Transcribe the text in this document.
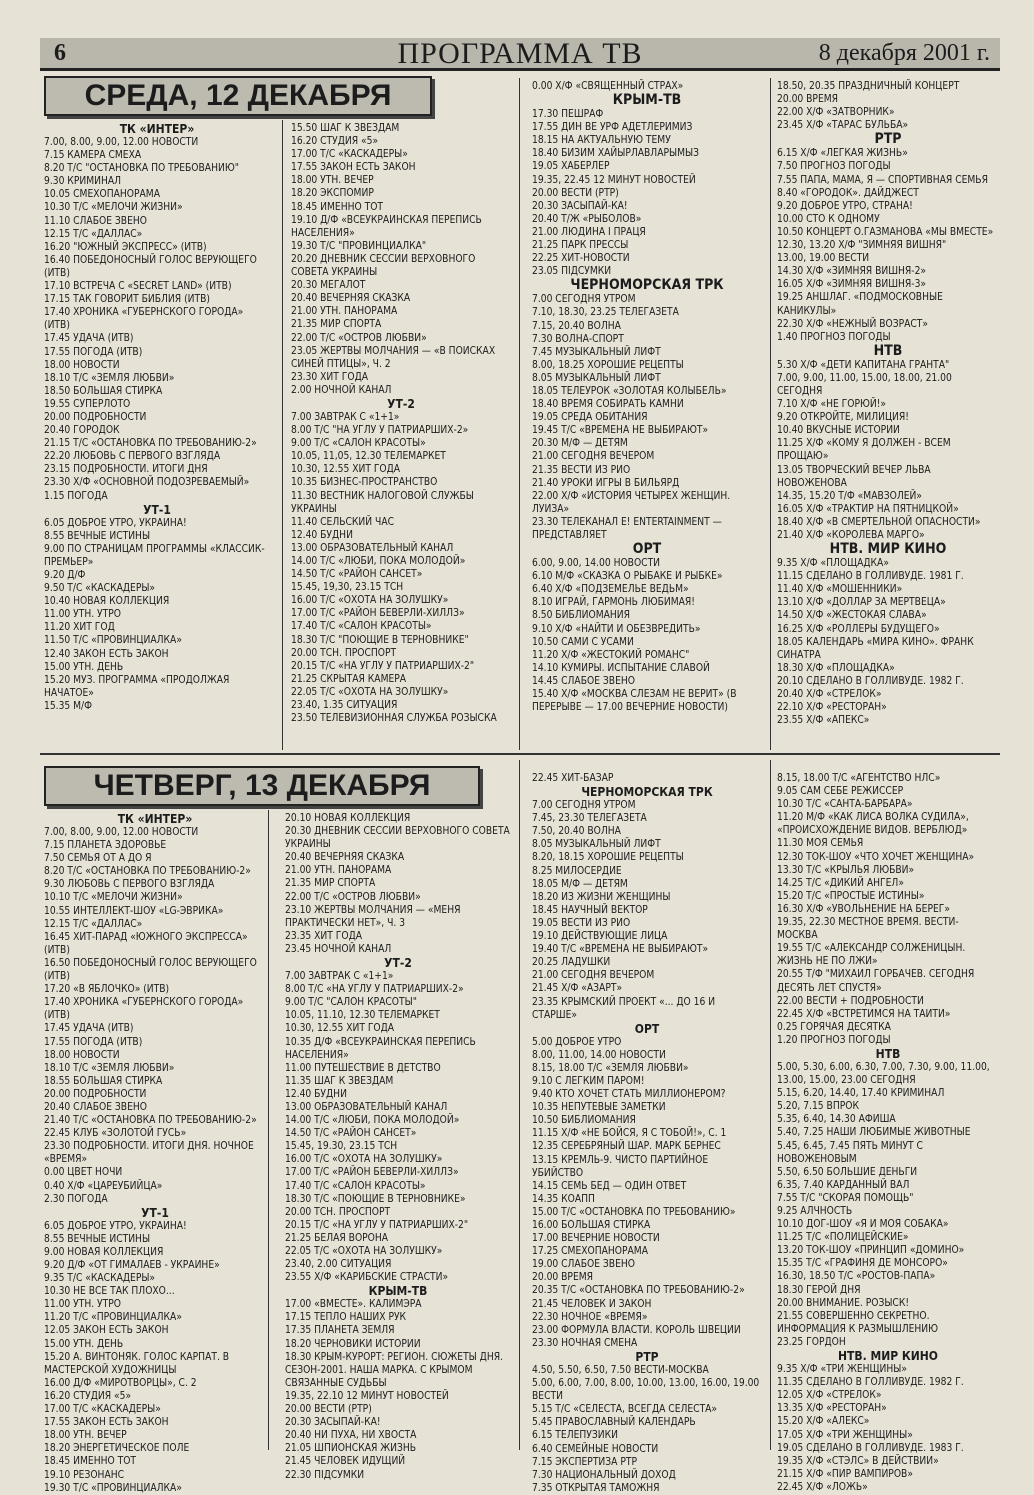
6	ПРОГРАММА ТВ	8 декабря 2001 г.
СРЕДА, 12 ДЕКАБРЯ
ЧЕТВЕРГ, 13 ДЕКАБРЯ
ТК «ИНТЕР»
7.00, 8.00, 9.00, 12.00 НОВОСТИ
7.15 КАМЕРА СМЕХА
8.20 Т/С "ОСТАНОВКА ПО ТРЕБОВАНИЮ"
9.30 КРИМИНАЛ
10.05 СМЕХОПАНОРАМА
10.30 Т/С «МЕЛОЧИ ЖИЗНИ»
11.10 СЛАБОЕ ЗВЕНО
12.15 Т/С «ДАЛЛАС»
16.20 "ЮЖНЫЙ ЭКСПРЕСС» (ИТВ)
16.40 ПОБЕДОНОСНЫЙ ГОЛОС ВЕРУЮЩЕГО (ИТВ)
17.10 ВСТРЕЧА С «SECRET LAND» (ИТВ)
17.15 ТАК ГОВОРИТ БИБЛИЯ (ИТВ)
17.40 ХРОНИКА «ГУБЕРНСКОГО ГОРОДА» (ИТВ)
17.45 УДАЧА (ИТВ)
17.55 ПОГОДА (ИТВ)
18.00 НОВОСТИ
18.10 Т/С «ЗЕМЛЯ ЛЮБВИ»
18.50 БОЛЬШАЯ СТИРКА
19.55 СУПЕРЛОТО
20.00 ПОДРОБНОСТИ
20.40 ГОРОДОК
21.15 Т/С «ОСТАНОВКА ПО ТРЕБОВАНИЮ-2»
22.20 ЛЮБОВЬ С ПЕРВОГО ВЗГЛЯДА
23.15 ПОДРОБНОСТИ. ИТОГИ ДНЯ
23.30 Х/Ф «ОСНОВНОЙ ПОДОЗРЕВАЕМЫЙ»
1.15 ПОГОДА
УТ-1
6.05 ДОБРОЕ УТРО, УКРАИНА!
8.55 ВЕЧНЫЕ ИСТИНЫ
9.00 ПО СТРАНИЦАМ ПРОГРАММЫ «КЛАССИК-ПРЕМЬЕР»
9.20 Д/Ф
9.50 Т/С «КАСКАДЕРЫ»
10.40 НОВАЯ КОЛЛЕКЦИЯ
11.00 УТН. УТРО
11.20 ХИТ ГОД
11.50 Т/С «ПРОВИНЦИАЛКА»
12.40 ЗАКОН ЕСТЬ ЗАКОН
15.00 УТН. ДЕНЬ
15.20 МУЗ. ПРОГРАММА «ПРОДОЛЖАЯ НАЧАТОЕ»
15.35 М/Ф
15.50 ШАГ К ЗВЕЗДАМ
16.20 СТУДИЯ «5»
17.00 Т/С «КАСКАДЕРЫ»
17.55 ЗАКОН ЕСТЬ ЗАКОН
18.00 УТН. ВЕЧЕР
18.20 ЭКСПОМИР
18.45 ИМЕННО ТОТ
19.10 Д/Ф «ВСЕУКРАИНСКАЯ ПЕРЕПИСЬ НАСЕЛЕНИЯ»
19.30 Т/С "ПРОВИНЦИАЛКА"
20.20 ДНЕВНИК СЕССИИ ВЕРХОВНОГО СОВЕТА УКРАИНЫ
20.30 МЕГАЛОТ
20.40 ВЕЧЕРНЯЯ СКАЗКА
21.00 УТН. ПАНОРАМА
21.35 МИР СПОРТА
22.00 Т/С «ОСТРОВ ЛЮБВИ»
23.05 ЖЕРТВЫ МОЛЧАНИЯ — «В ПОИСКАХ СИНЕЙ ПТИЦЫ», Ч. 2
23.30 ХИТ ГОДА
2.00 НОЧНОЙ КАНАЛ
УТ-2
7.00 ЗАВТРАК С «1+1»
8.00 Т/С "НА УГЛУ У ПАТРИАРШИХ-2»
9.00 Т/С «САЛОН КРАСОТЫ»
10.05, 11,05, 12.30 ТЕЛЕМАРКЕТ
10.30, 12.55 ХИТ ГОДА
10.35 БИЗНЕС-ПРОСТРАНСТВО
11.30 ВЕСТНИК НАЛОГОВОЙ СЛУЖБЫ УКРАИНЫ
11.40 СЕЛЬСКИЙ ЧАС
12.40 БУДНИ
13.00 ОБРАЗОВАТЕЛЬНЫЙ КАНАЛ
14.00 Т/С «ЛЮБИ, ПОКА МОЛОДОЙ»
14.50 Т/С «РАЙОН САНСЕТ»
15.45, 19,30, 23.15 ТСН
16.00 Т/С «ОХОТА НА ЗОЛУШКУ»
17.00 Т/С «РАЙОН БЕВЕРЛИ-ХИЛЛЗ»
17.40 Т/С «САЛОН КРАСОТЫ»
18.30 Т/С "ПОЮЩИЕ В ТЕРНОВНИКЕ"
20.00 ТСН. ПРОСПОРТ
20.15 Т/С «НА УГЛУ У ПАТРИАРШИХ-2"
21.25 СКРЫТАЯ КАМЕРА
22.05 Т/С «ОХОТА НА ЗОЛУШКУ»
23.40, 1.35 СИТУАЦИЯ
23.50 ТЕЛЕВИЗИОННАЯ СЛУЖБА РОЗЫСКА
0.00 Х/Ф «СВЯЩЕННЫЙ СТРАХ»
КРЫМ-ТВ
17.30 ПЕШРАФ
17.55 ДИН ВЕ УРФ АДЕТЛЕРИМИЗ
18.15 НА АКТУАЛЬНУЮ ТЕМУ
18.40 БИЗИМ ХАЙЫРЛАВЛАРЫМЫЗ
19.05 ХАБЕРЛЕР
19.35, 22.45 12 МИНУТ НОВОСТЕЙ
20.00 ВЕСТИ (РТР)
20.30 ЗАСЫПАЙ-КА!
20.40 Т/Ж «РЫБОЛОВ»
21.00 ЛЮДИНА І ПРАЦЯ
21.25 ПАРК ПРЕССЫ
22.25 ХИТ-НОВОСТИ
23.05 ПІДСУМКИ
ЧЕРНОМОРСКАЯ ТРК
7.00 СЕГОДНЯ УТРОМ
7.10, 18.30, 23.25 ТЕЛЕГАЗЕТА
7.15, 20.40 ВОЛНА
7.30 ВОЛНА-СПОРТ
7.45 МУЗЫКАЛЬНЫЙ ЛИФТ
8.00, 18.25 ХОРОШИЕ РЕЦЕПТЫ
8.05 МУЗЫКАЛЬНЫЙ ЛИФТ
18.05 ТЕЛЕУРОК «ЗОЛОТАЯ КОЛЫБЕЛЬ»
18.40 ВРЕМЯ СОБИРАТЬ КАМНИ
19.05 СРЕДА ОБИТАНИЯ
19.45 Т/С «ВРЕМЕНА НЕ ВЫБИРАЮТ»
20.30 М/Ф — ДЕТЯМ
21.00 СЕГОДНЯ ВЕЧЕРОМ
21.35 ВЕСТИ ИЗ РИО
21.40 УРОКИ ИГРЫ В БИЛЬЯРД
22.00 Х/Ф «ИСТОРИЯ ЧЕТЫРЕХ ЖЕНЩИН. ЛУИЗА»
23.30 ТЕЛЕКАНАЛ E! ENTERTAINMENT — ПРЕДСТАВЛЯЕТ
ОРТ
6.00, 9.00, 14.00 НОВОСТИ
6.10 М/Ф «СКАЗКА О РЫБАКЕ И РЫБКЕ»
6.40 Х/Ф «ПОДЗЕМЕЛЬЕ ВЕДЬМ»
8.10 ИГРАЙ, ГАРМОНЬ ЛЮБИМАЯ!
8.50 БИБЛИОМАНИЯ
9.10 Х/Ф «НАЙТИ И ОБЕЗВРЕДИТЬ»
10.50 САМИ С УСАМИ
11.20 Х/Ф «ЖЕСТОКИЙ РОМАНС"
14.10 КУМИРЫ. ИСПЫТАНИЕ СЛАВОЙ
14.45 СЛАБОЕ ЗВЕНО
15.40 Х/Ф «МОСКВА СЛЕЗАМ НЕ ВЕРИТ» (В ПЕРЕРЫВЕ — 17.00 ВЕЧЕРНИЕ НОВОСТИ)
18.50, 20.35 ПРАЗДНИЧНЫЙ КОНЦЕРТ
20.00 ВРЕМЯ
22.00 Х/Ф «ЗАТВОРНИК»
23.45 Х/Ф «ТАРАС БУЛЬБА»
РТР
6.15 Х/Ф «ЛЕГКАЯ ЖИЗНЬ»
7.50 ПРОГНОЗ ПОГОДЫ
7.55 ПАПА, МАМА, Я — СПОРТИВНАЯ СЕМЬЯ
8.40 «ГОРОДОК». ДАЙДЖЕСТ
9.20 ДОБРОЕ УТРО, СТРАНА!
10.00 СТО К ОДНОМУ
10.50 КОНЦЕРТ О.ГАЗМАНОВА «МЫ ВМЕСТЕ»
12.30, 13.20 Х/Ф "ЗИМНЯЯ ВИШНЯ"
13.00, 19.00 ВЕСТИ
14.30 Х/Ф «ЗИМНЯЯ ВИШНЯ-2»
16.05 Х/Ф «ЗИМНЯЯ ВИШНЯ-3»
19.25 АНШЛАГ. «ПОДМОСКОВНЫЕ КАНИКУЛЫ»
22.30 Х/Ф «НЕЖНЫЙ ВОЗРАСТ»
1.40 ПРОГНОЗ ПОГОДЫ
НТВ
5.30 Х/Ф «ДЕТИ КАПИТАНА ГРАНТА"
7.00, 9.00, 11.00, 15.00, 18.00, 21.00 СЕГОДНЯ
7.10 Х/Ф «НЕ ГОРЮЙ!»
9.20 ОТКРОЙТЕ, МИЛИЦИЯ!
10.40 ВКУСНЫЕ ИСТОРИИ
11.25 Х/Ф «КОМУ Я ДОЛЖЕН - ВСЕМ ПРОЩАЮ»
13.05 ТВОРЧЕСКИЙ ВЕЧЕР ЛЬВА НОВОЖЕНОВА
14.35, 15.20 Т/Ф «МАВЗОЛЕЙ»
16.05 Х/Ф «ТРАКТИР НА ПЯТНИЦКОЙ»
18.40 Х/Ф «В СМЕРТЕЛЬНОЙ ОПАСНОСТИ»
21.40 Х/Ф «КОРОЛЕВА МАРГО»
НТВ. МИР КИНО
9.35 Х/Ф «ПЛОЩАДКА»
11.15 СДЕЛАНО В ГОЛЛИВУДЕ. 1981 Г.
11.40 Х/Ф «МОШЕННИКИ»
13.10 Х/Ф «ДОЛЛАР ЗА МЕРТВЕЦА»
14.50 Х/Ф «ЖЕСТОКАЯ СЛАВА»
16.25 Х/Ф «РОЛЛЕРЫ БУДУЩЕГО»
18.05 КАЛЕНДАРЬ «МИРА КИНО». ФРАНК СИНАТРА
18.30 Х/Ф «ПЛОЩАДКА»
20.10 СДЕЛАНО В ГОЛЛИВУДЕ. 1982 Г.
20.40 Х/Ф «СТРЕЛОК»
22.10 Х/Ф «РЕСТОРАН»
23.55 Х/Ф «АПЕКС»
ТК «ИНТЕР»
7.00, 8.00, 9.00, 12.00 НОВОСТИ
7.15 ПЛАНЕТА ЗДОРОВЬЕ
7.50 СЕМЬЯ ОТ А ДО Я
8.20 Т/С «ОСТАНОВКА ПО ТРЕБОВАНИЮ-2»
9.30 ЛЮБОВЬ С ПЕРВОГО ВЗГЛЯДА
10.10 Т/С «МЕЛОЧИ ЖИЗНИ»
10.55 ИНТЕЛЛЕКТ-ШОУ «LG-ЭВРИКА»
12.15 Т/С «ДАЛЛАС»
16.45 ХИТ-ПАРАД «ЮЖНОГО ЭКСПРЕССА» (ИТВ)
16.50 ПОБЕДОНОСНЫЙ ГОЛОС ВЕРУЮЩЕГО (ИТВ)
17.20 «В ЯБЛОЧКО» (ИТВ)
17.40 ХРОНИКА «ГУБЕРНСКОГО ГОРОДА» (ИТВ)
17.45 УДАЧА (ИТВ)
17.55 ПОГОДА (ИТВ)
18.00 НОВОСТИ
18.10 Т/С «ЗЕМЛЯ ЛЮБВИ»
18.55 БОЛЬШАЯ СТИРКА
20.00 ПОДРОБНОСТИ
20.40 СЛАБОЕ ЗВЕНО
21.40 Т/С «ОСТАНОВКА ПО ТРЕБОВАНИЮ-2»
22.45 КЛУБ «ЗОЛОТОЙ ГУСЬ»
23.30 ПОДРОБНОСТИ. ИТОГИ ДНЯ. НОЧНОЕ «ВРЕМЯ»
0.00 ЦВЕТ НОЧИ
0.40 Х/Ф «ЦАРЕУБИЙЦА»
2.30 ПОГОДА
УТ-1
6.05 ДОБРОЕ УТРО, УКРАИНА!
8.55 ВЕЧНЫЕ ИСТИНЫ
9.00 НОВАЯ КОЛЛЕКЦИЯ
9.20 Д/Ф «ОТ ГИМАЛАЕВ - УКРАИНЕ»
9.35 Т/С «КАСКАДЕРЫ»
10.30 НЕ ВСЕ ТАК ПЛОХО...
11.00 УТН. УТРО
11.20 Т/С «ПРОВИНЦИАЛКА»
12.05 ЗАКОН ЕСТЬ ЗАКОН
15.00 УТН. ДЕНЬ
15.20 А. ВИНТОНЯК. ГОЛОС КАРПАТ. В МАСТЕРСКОЙ ХУДОЖНИЦЫ
16.00 Д/Ф «МИРОТВОРЦЫ», С. 2
16.20 СТУДИЯ «5»
17.00 Т/С «КАСКАДЕРЫ»
17.55 ЗАКОН ЕСТЬ ЗАКОН
18.00 УТН. ВЕЧЕР
18.20 ЭНЕРГЕТИЧЕСКОЕ ПОЛЕ
18.45 ИМЕННО ТОТ
19.10 РЕЗОНАНС
19.30 Т/С «ПРОВИНЦИАЛКА»
20.10 НОВАЯ КОЛЛЕКЦИЯ
20.30 ДНЕВНИК СЕССИИ ВЕРХОВНОГО СОВЕТА УКРАИНЫ
20.40 ВЕЧЕРНЯЯ СКАЗКА
21.00 УТН. ПАНОРАМА
21.35 МИР СПОРТА
22.00 Т/С «ОСТРОВ ЛЮБВИ»
23.10 ЖЕРТВЫ МОЛЧАНИЯ — «МЕНЯ ПРАКТИЧЕСКИ НЕТ», Ч. 3
23.35 ХИТ ГОДА
23.45 НОЧНОЙ КАНАЛ
УТ-2
7.00 ЗАВТРАК С «1+1»
8.00 Т/С «НА УГЛУ У ПАТРИАРШИХ-2»
9.00 Т/С "САЛОН КРАСОТЫ"
10.05, 11.10, 12.30 ТЕЛЕМАРКЕТ
10.30, 12.55 ХИТ ГОДА
10.35 Д/Ф «ВСЕУКРАИНСКАЯ ПЕРЕПИСЬ НАСЕЛЕНИЯ»
11.00 ПУТЕШЕСТВИЕ В ДЕТСТВО
11.35 ШАГ К ЗВЕЗДАМ
12.40 БУДНИ
13.00 ОБРАЗОВАТЕЛЬНЫЙ КАНАЛ
14.00 Т/С «ЛЮБИ, ПОКА МОЛОДОЙ»
14.50 Т/С «РАЙОН САНСЕТ»
15.45, 19.30, 23.15 ТСН
16.00 Т/С «ОХОТА НА ЗОЛУШКУ»
17.00 Т/С «РАЙОН БЕВЕРЛИ-ХИЛЛЗ»
17.40 Т/С «САЛОН КРАСОТЫ»
18.30 Т/С «ПОЮЩИЕ В ТЕРНОВНИКЕ»
20.00 ТСН. ПРОСПОРТ
20.15 Т/С «НА УГЛУ У ПАТРИАРШИХ-2"
21.25 БЕЛАЯ ВОРОНА
22.05 Т/С «ОХОТА НА ЗОЛУШКУ»
23.40, 2.00 СИТУАЦИЯ
23.55 Х/Ф «КАРИБСКИЕ СТРАСТИ»
КРЫМ-ТВ
17.00 «ВМЕСТЕ». КАЛИМЭРА
17.15 ТЕПЛО НАШИХ РУК
17.35 ПЛАНЕТА ЗЕМЛЯ
18.20 ЧЕРНОВИКИ ИСТОРИИ
18.30 КРЫМ-КУРОРТ: РЕГИОН. СЮЖЕТЫ ДНЯ. СЕЗОН-2001. НАША МАРКА. С КРЫМОМ СВЯЗАННЫЕ СУДЬБЫ
19.35, 22.10 12 МИНУТ НОВОСТЕЙ
20.00 ВЕСТИ (РТР)
20.30 ЗАСЫПАЙ-КА!
20.40 НИ ПУХА, НИ ХВОСТА
21.05 ШПИОНСКАЯ ЖИЗНЬ
21.45 ЧЕЛОВЕК ИДУЩИЙ
22.30 ПІДСУМКИ
22.45 ХИТ-БАЗАР
ЧЕРНОМОРСКАЯ ТРК
7.00 СЕГОДНЯ УТРОМ
7.45, 23.30 ТЕЛЕГАЗЕТА
7.50, 20.40 ВОЛНА
8.05 МУЗЫКАЛЬНЫЙ ЛИФТ
8.20, 18.15 ХОРОШИЕ РЕЦЕПТЫ
8.25 МИЛОСЕРДИЕ
18.05 М/Ф — ДЕТЯМ
18.20 ИЗ ЖИЗНИ ЖЕНЩИНЫ
18.45 НАУЧНЫЙ ВЕКТОР
19.05 ВЕСТИ ИЗ РИО
19.10 ДЕЙСТВУЮЩИЕ ЛИЦА
19.40 Т/С «ВРЕМЕНА НЕ ВЫБИРАЮТ»
20.25 ЛАДУШКИ
21.00 СЕГОДНЯ ВЕЧЕРОМ
21.45 Х/Ф «АЗАРТ»
23.35 КРЫМСКИЙ ПРОЕКТ «... ДО 16 И СТАРШЕ»
ОРТ
5.00 ДОБРОЕ УТРО
8.00, 11.00, 14.00 НОВОСТИ
8.15, 18.00 Т/С «ЗЕМЛЯ ЛЮБВИ»
9.10 С ЛЕГКИМ ПАРОМ!
9.40 КТО ХОЧЕТ СТАТЬ МИЛЛИОНЕРОМ?
10.35 НЕПУТЕВЫЕ ЗАМЕТКИ
10.50 БИБЛИОМАНИЯ
11.15 Х/Ф «НЕ БОЙСЯ, Я С ТОБОЙ!», С. 1
12.35 СЕРЕБРЯНЫЙ ШАР. МАРК БЕРНЕС
13.15 КРЕМЛЬ-9. ЧИСТО ПАРТИЙНОЕ УБИЙСТВО
14.15 СЕМЬ БЕД — ОДИН ОТВЕТ
14.35 КОАПП
15.00 Т/С «ОСТАНОВКА ПО ТРЕБОВАНИЮ»
16.00 БОЛЬШАЯ СТИРКА
17.00 ВЕЧЕРНИЕ НОВОСТИ
17.25 СМЕХОПАНОРАМА
19.00 СЛАБОЕ ЗВЕНО
20.00 ВРЕМЯ
20.35 Т/С «ОСТАНОВКА ПО ТРЕБОВАНИЮ-2»
21.45 ЧЕЛОВЕК И ЗАКОН
22.30 НОЧНОЕ «ВРЕМЯ»
23.00 ФОРМУЛА ВЛАСТИ. КОРОЛЬ ШВЕЦИИ
23.30 НОЧНАЯ СМЕНА
РТР
4.50, 5.50, 6.50, 7.50 ВЕСТИ-МОСКВА
5.00, 6.00, 7.00, 8.00, 10.00, 13.00, 16.00, 19.00 ВЕСТИ
5.15 Т/С «СЕЛЕСТА, ВСЕГДА СЕЛЕСТА»
5.45 ПРАВОСЛАВНЫЙ КАЛЕНДАРЬ
6.15 ТЕЛЕПУЗИКИ
6.40 СЕМЕЙНЫЕ НОВОСТИ
7.15 ЭКСПЕРТИЗА РТР
7.30 НАЦИОНАЛЬНЫЙ ДОХОД
7.35 ОТКРЫТАЯ ТАМОЖНЯ
8.15, 18.00 Т/С «АГЕНТСТВО НЛС»
9.05 САМ СЕБЕ РЕЖИССЕР
10.30 Т/С «САНТА-БАРБАРА»
11.20 М/Ф «КАК ЛИСА ВОЛКА СУДИЛА», «ПРОИСХОЖДЕНИЕ ВИДОВ. ВЕРБЛЮД»
11.30 МОЯ СЕМЬЯ
12.30 ТОК-ШОУ «ЧТО ХОЧЕТ ЖЕНЩИНА»
13.30 Т/С «КРЫЛЬЯ ЛЮБВИ»
14.25 Т/С «ДИКИЙ АНГЕЛ»
15.20 Т/С «ПРОСТЫЕ ИСТИНЫ»
16.30 Х/Ф «УВОЛЬНЕНИЕ НА БЕРЕГ»
19.35, 22.30 МЕСТНОЕ ВРЕМЯ. ВЕСТИ-МОСКВА
19.55 Т/С «АЛЕКСАНДР СОЛЖЕНИЦЫН. ЖИЗНЬ НЕ ПО ЛЖИ»
20.55 Т/Ф "МИХАИЛ ГОРБАЧЕВ. СЕГОДНЯ ДЕСЯТЬ ЛЕТ СПУСТЯ»
22.00 ВЕСТИ + ПОДРОБНОСТИ
22.45 Х/Ф «ВСТРЕТИМСЯ НА ТАИТИ»
0.25 ГОРЯЧАЯ ДЕСЯТКА
1.20 ПРОГНОЗ ПОГОДЫ
НТВ
5.00, 5.30, 6.00, 6.30, 7.00, 7.30, 9.00, 11.00, 13.00, 15.00, 23.00 СЕГОДНЯ
5.15, 6.20, 14.40, 17.40 КРИМИНАЛ
5.20, 7.15 ВПРОК
5.35, 6.40, 14.30 АФИША
5.40, 7.25 НАШИ ЛЮБИМЫЕ ЖИВОТНЫЕ
5.45, 6.45, 7.45 ПЯТЬ МИНУТ С НОВОЖЕНОВЫМ
5.50, 6.50 БОЛЬШИЕ ДЕНЬГИ
6.35, 7.40 КАРДАННЫЙ ВАЛ
7.55 Т/С "СКОРАЯ ПОМОЩЬ"
9.25 АЛЧНОСТЬ
10.10 ДОГ-ШОУ «Я И МОЯ СОБАКА»
11.25 Т/С «ПОЛИЦЕЙСКИЕ»
13.20 ТОК-ШОУ «ПРИНЦИП «ДОМИНО»
15.35 Т/С «ГРАФИНЯ ДЕ МОНСОРО»
16.30, 18.50 Т/С «РОСТОВ-ПАПА»
18.30 ГЕРОЙ ДНЯ
20.00 ВНИМАНИЕ. РОЗЫСК!
21.55 СОВЕРШЕННО СЕКРЕТНО. ИНФОРМАЦИЯ К РАЗМЫШЛЕНИЮ
23.25 ГОРДОН
НТВ. МИР КИНО
9.35 Х/Ф «ТРИ ЖЕНЩИНЫ»
11.35 СДЕЛАНО В ГОЛЛИВУДЕ. 1982 Г.
12.05 Х/Ф «СТРЕЛОК»
13.35 Х/Ф «РЕСТОРАН»
15.20 Х/Ф «АЛЕКС»
17.05 Х/Ф «ТРИ ЖЕНЩИНЫ»
19.05 СДЕЛАНО В ГОЛЛИВУДЕ. 1983 Г.
19.35 Х/Ф «СТЭЛС» В ДЕЙСТВИИ»
21.15 Х/Ф «ПИР ВАМПИРОВ»
22.45 Х/Ф «ЛОЖЬ»
